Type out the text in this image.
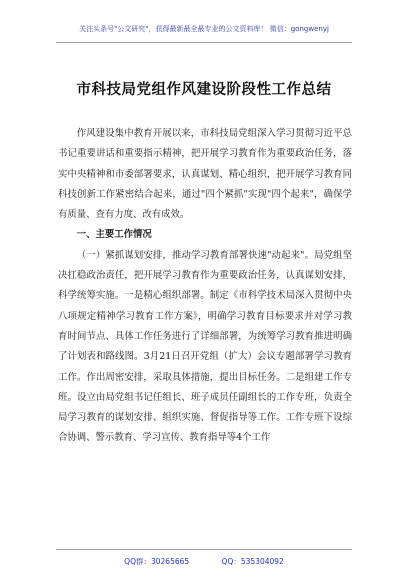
关注头条号"公文研究"，获得最新最全最专业的公文资料库！ 微信：gongwenyj
市科技局党组作风建设阶段性工作总结

作风建设集中教育开展以来，市科技局党组深入学习贯彻习近平总书记重要讲话和重要指示精神，把开展学习教育作为重要政治任务，落实中央精神和市委部署要求，认真谋划、精心组织，把开展学习教育同科技创新工作紧密结合起来，通过"四个紧抓"实现"四个起来"，确保学有质量、查有力度、改有成效。

一、主要工作情况

（一）紧抓谋划安排，推动学习教育部署快速"动起来"。局党组坚决扛稳政治责任，把开展学习教育作为重要政治任务，认真谋划安排，科学统筹实施。一是精心组织部署。制定《市科学技术局深入贯彻中央八项规定精神学习教育工作方案》，明确学习教育目标要求并对学习教育时间节点、具体工作任务进行了详细部署，为统筹学习教育推进明确了计划表和路线图。3月21日召开党组（扩大）会议专题部署学习教育工作。作出周密安排，采取具体措施，提出目标任务。二是组建工作专班。设立由局党组书记任组长、班子成员任副组长的工作专班，负责全局学习教育的谋划安排、组织实施、督促指导等工作。工作专班下设综合协调、警示教育、学习宣传、教育指导等4个工作

QQ群：30265665	QQ：535304092
